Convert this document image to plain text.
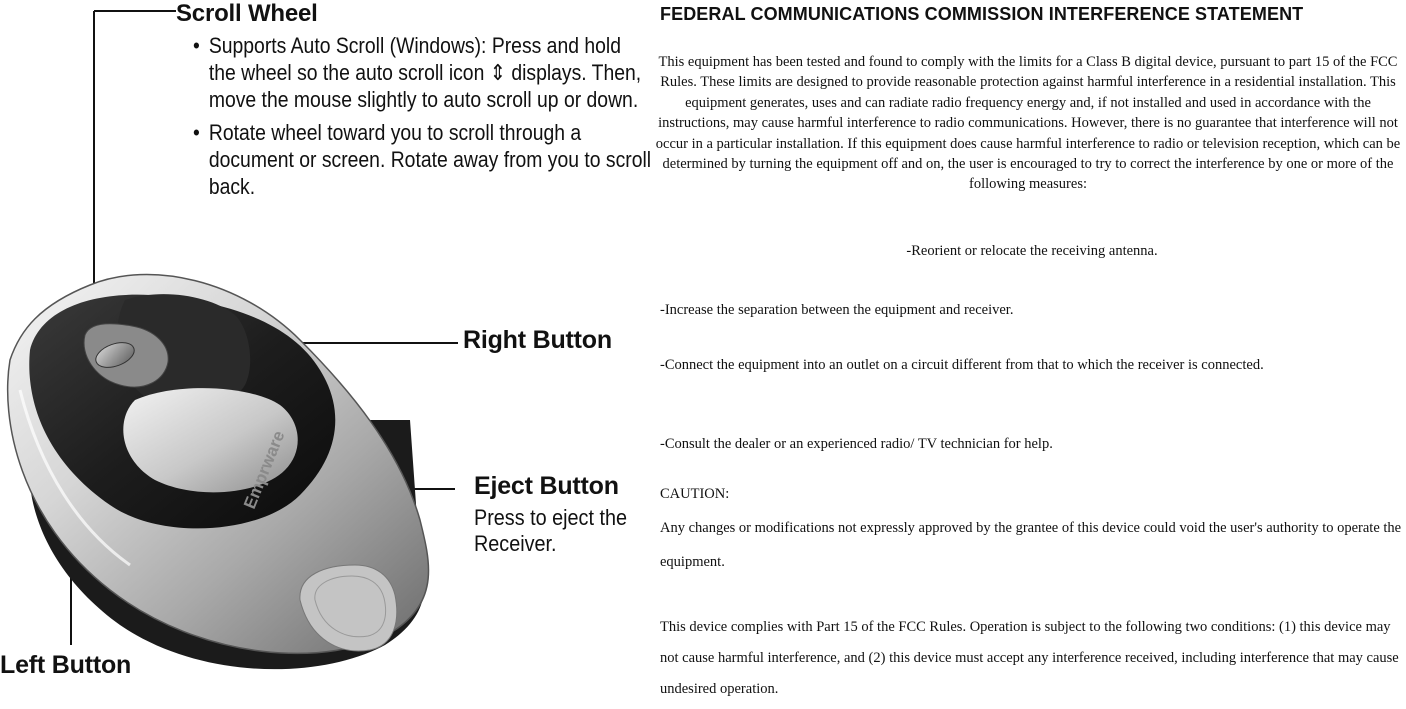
Emprware
Scroll Wheel
• Supports Auto Scroll (Windows): Press and hold the wheel so the auto scroll icon ⇕ displays. Then, move the mouse slightly to auto scroll up or down.
• Rotate wheel toward you to scroll through a document or screen. Rotate away from you to scroll back.
Right Button
Eject Button
Press to eject the
Receiver.
Left Button
FEDERAL COMMUNICATIONS COMMISSION INTERFERENCE STATEMENT

This equipment has been tested and found to comply with the limits for a Class B digital device, pursuant to part 15 of the FCC Rules. These limits are designed to provide reasonable protection against harmful interference in a residential installation. This equipment generates, uses and can radiate radio frequency energy and, if not installed and used in accordance with the instructions, may cause harmful interference to radio communications. However, there is no guarantee that interference will not occur in a particular installation. If this equipment does cause harmful interference to radio or television reception, which can be determined by turning the equipment off and on, the user is encouraged to try to correct the interference by one or more of the following measures:

-Reorient or relocate the receiving antenna.

-Increase the separation between the equipment and receiver.

-Connect the equipment into an outlet on a circuit different from that to which the receiver is connected.

-Consult the dealer or an experienced radio/ TV technician for help.

CAUTION:

Any changes or modifications not expressly approved by the grantee of this device could void the user's authority to operate the equipment.

This device complies with Part 15 of the FCC Rules. Operation is subject to the following two conditions: (1) this device may not cause harmful interference, and (2) this device must accept any interference received, including interference that may cause undesired operation.
